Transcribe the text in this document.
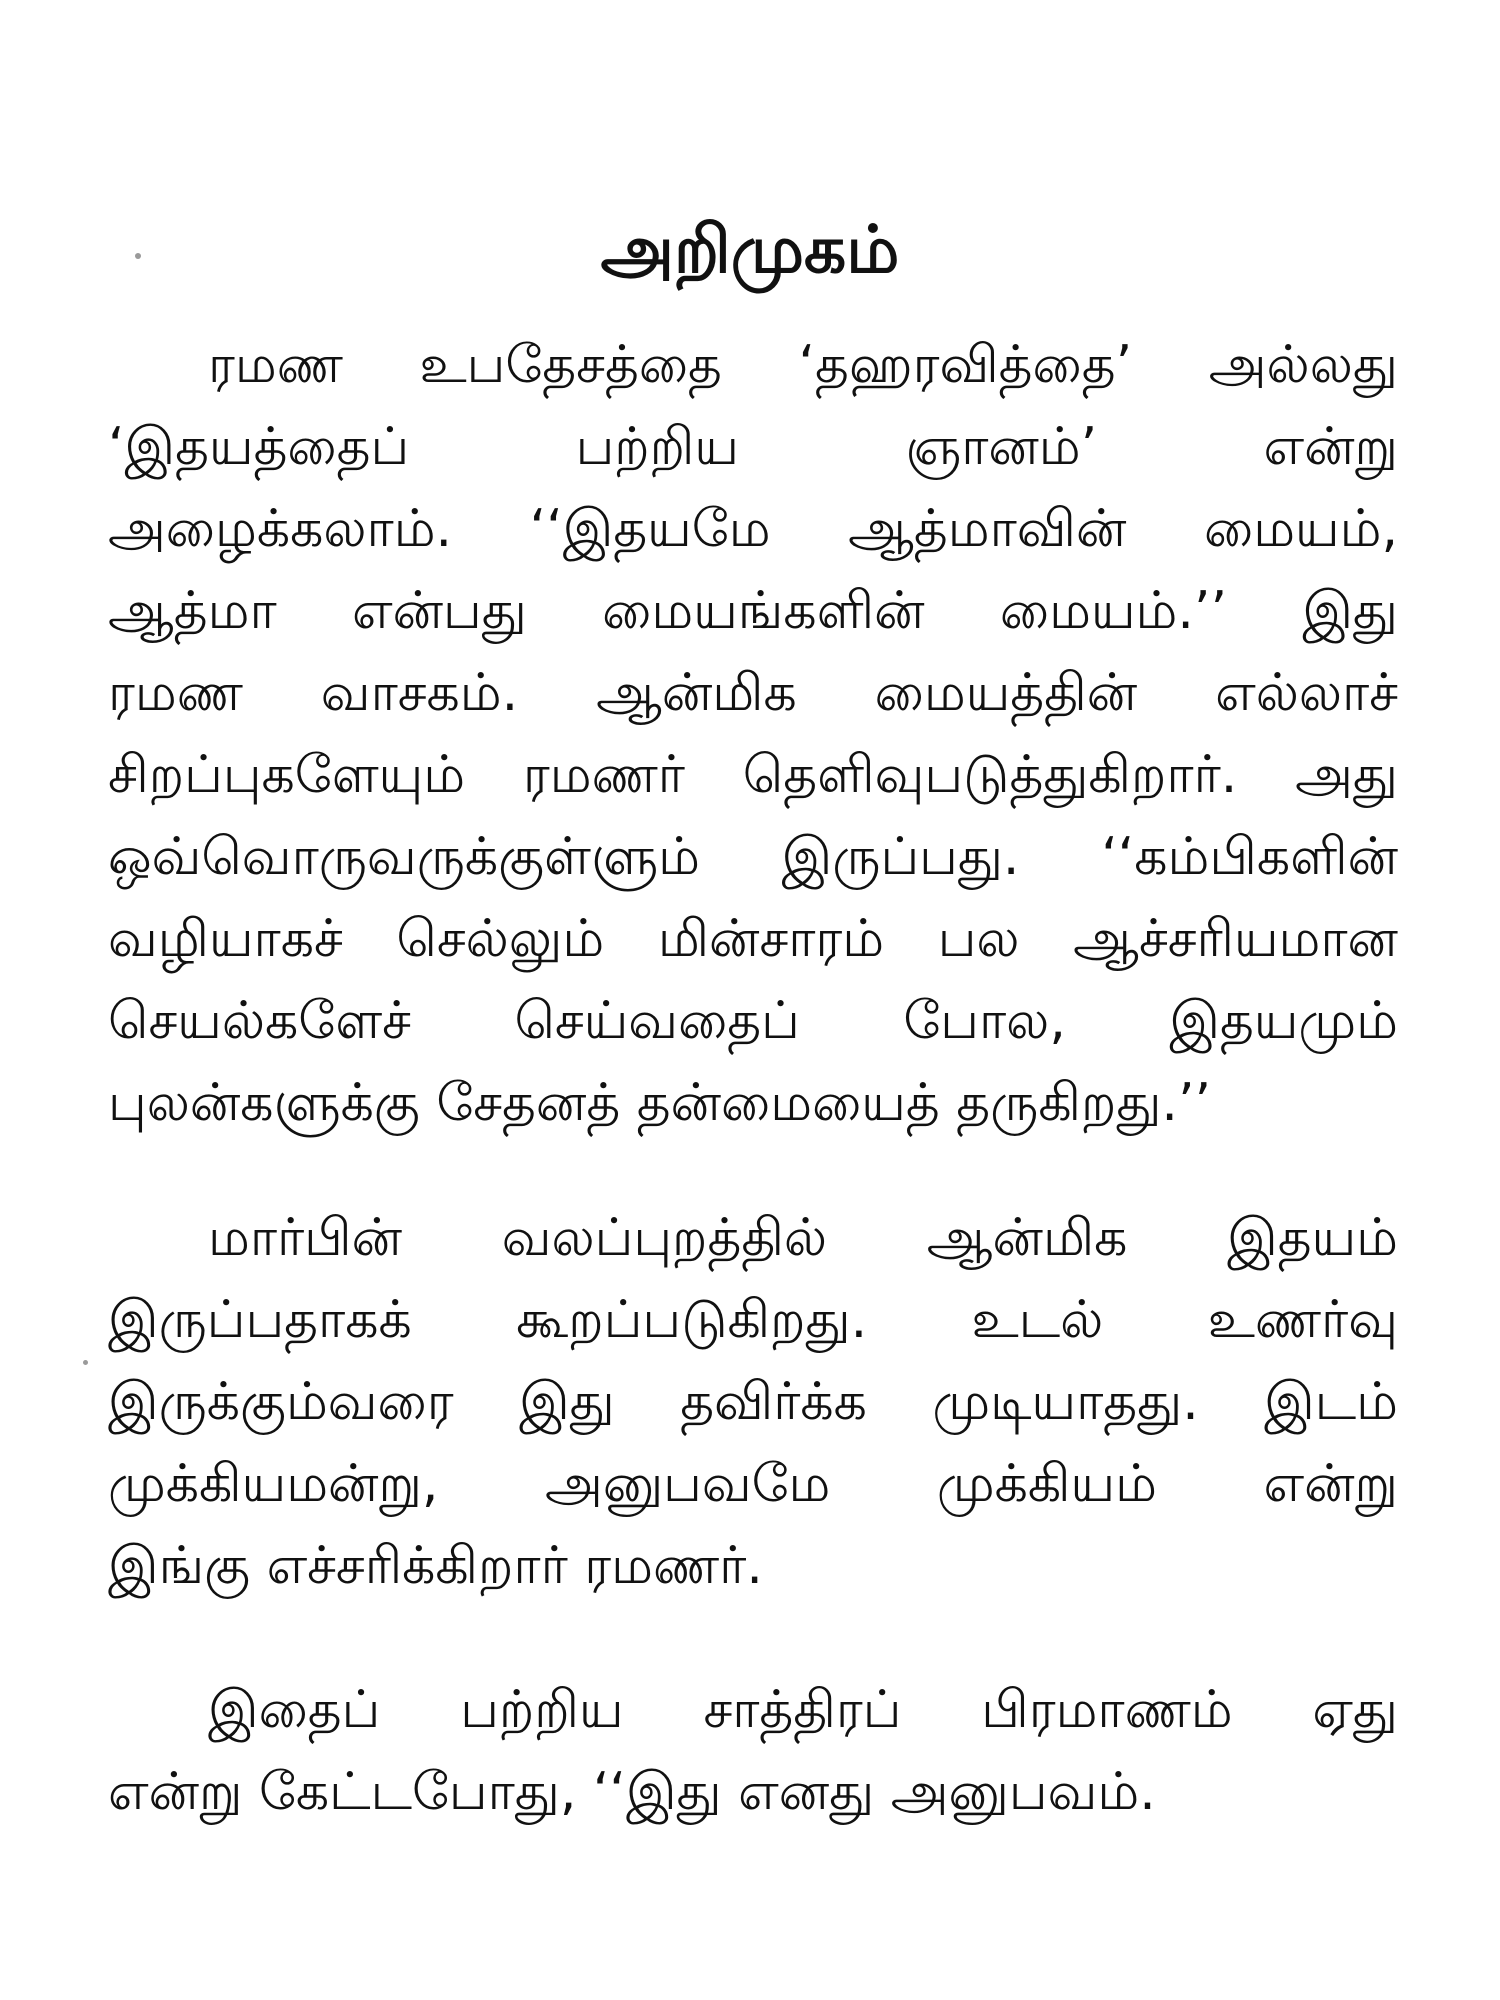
அறிமுகம்
ரமண உபதேசத்தை ‘தஹரவித்தை’ அல்லது
‘இதயத்தைப் பற்றிய ஞானம்’ என்று
அழைக்கலாம். ‘‘இதயமே ஆத்மாவின் மையம்,
ஆத்மா என்பது மையங்களின் மையம்.’’ இது
ரமண வாசகம். ஆன்மிக மையத்தின் எல்லாச்
சிறப்புகளேயும் ரமணர் தெளிவுபடுத்துகிறார். அது
ஒவ்வொருவருக்குள்ளும் இருப்பது. ‘‘கம்பிகளின்
வழியாகச் செல்லும் மின்சாரம் பல ஆச்சரியமான
செயல்களேச் செய்வதைப் போல, இதயமும்
புலன்களுக்கு சேதனத் தன்மையைத் தருகிறது.’’
மார்பின் வலப்புறத்தில் ஆன்மிக இதயம்
இருப்பதாகக் கூறப்படுகிறது. உடல் உணர்வு
இருக்கும்வரை இது தவிர்க்க முடியாதது. இடம்
முக்கியமன்று, அனுபவமே முக்கியம் என்று
இங்கு எச்சரிக்கிறார் ரமணர்.
இதைப் பற்றிய சாத்திரப் பிரமாணம் ஏது
என்று கேட்டபோது, ‘‘இது எனது அனுபவம்.
